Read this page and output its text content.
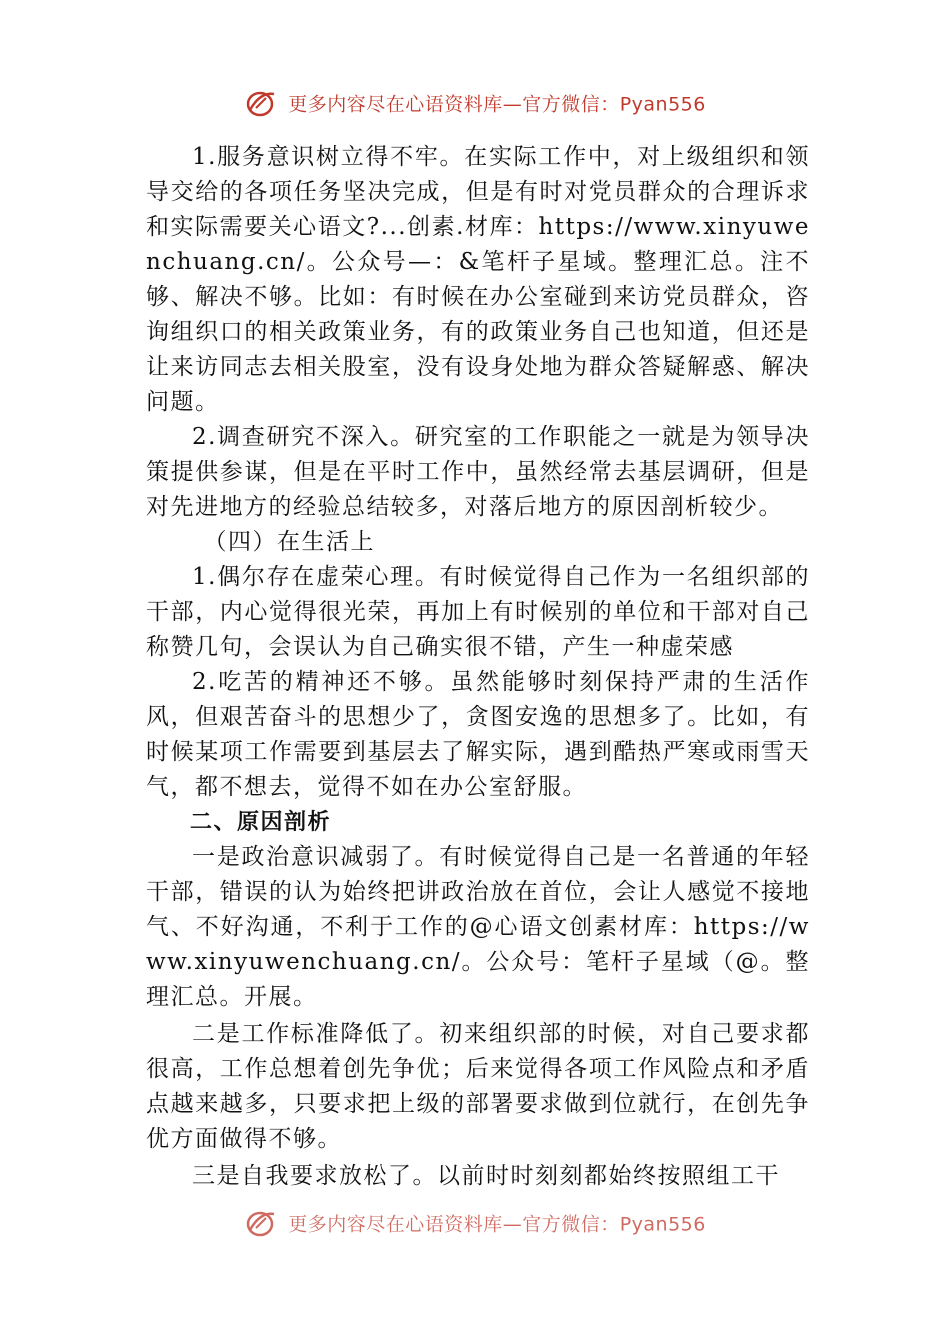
更多内容尽在心语资料库—官方微信：Pyan556

1.服务意识树立得不牢。在实际工作中，对上级组织和领导交给的各项任务坚决完成，但是有时对党员群众的合理诉求和实际需要关心语文?...创素.材库：https://www.xinyuwenchuang.cn/。公众号—：&笔杆子星域。整理汇总。注不够、解决不够。比如：有时候在办公室碰到来访党员群众，咨询组织口的相关政策业务，有的政策业务自己也知道，但还是让来访同志去相关股室，没有设身处地为群众答疑解惑、解决问题。

2.调查研究不深入。研究室的工作职能之一就是为领导决策提供参谋，但是在平时工作中，虽然经常去基层调研，但是对先进地方的经验总结较多，对落后地方的原因剖析较少。

（四）在生活上

1.偶尔存在虚荣心理。有时候觉得自己作为一名组织部的干部，内心觉得很光荣，再加上有时候别的单位和干部对自己称赞几句，会误认为自己确实很不错，产生一种虚荣感

2.吃苦的精神还不够。虽然能够时刻保持严肃的生活作风，但艰苦奋斗的思想少了，贪图安逸的思想多了。比如，有时候某项工作需要到基层去了解实际，遇到酷热严寒或雨雪天气，都不想去，觉得不如在办公室舒服。

二、原因剖析

一是政治意识减弱了。有时候觉得自己是一名普通的年轻干部，错误的认为始终把讲政治放在首位，会让人感觉不接地气、不好沟通，不利于工作的@心语文创素材库：https://www.xinyuwenchuang.cn/。公众号：笔杆子星域（@。整理汇总。开展。

二是工作标准降低了。初来组织部的时候，对自己要求都很高，工作总想着创先争优；后来觉得各项工作风险点和矛盾点越来越多，只要求把上级的部署要求做到位就行，在创先争优方面做得不够。

三是自我要求放松了。以前时时刻刻都始终按照组工干

更多内容尽在心语资料库—官方微信：Pyan556
